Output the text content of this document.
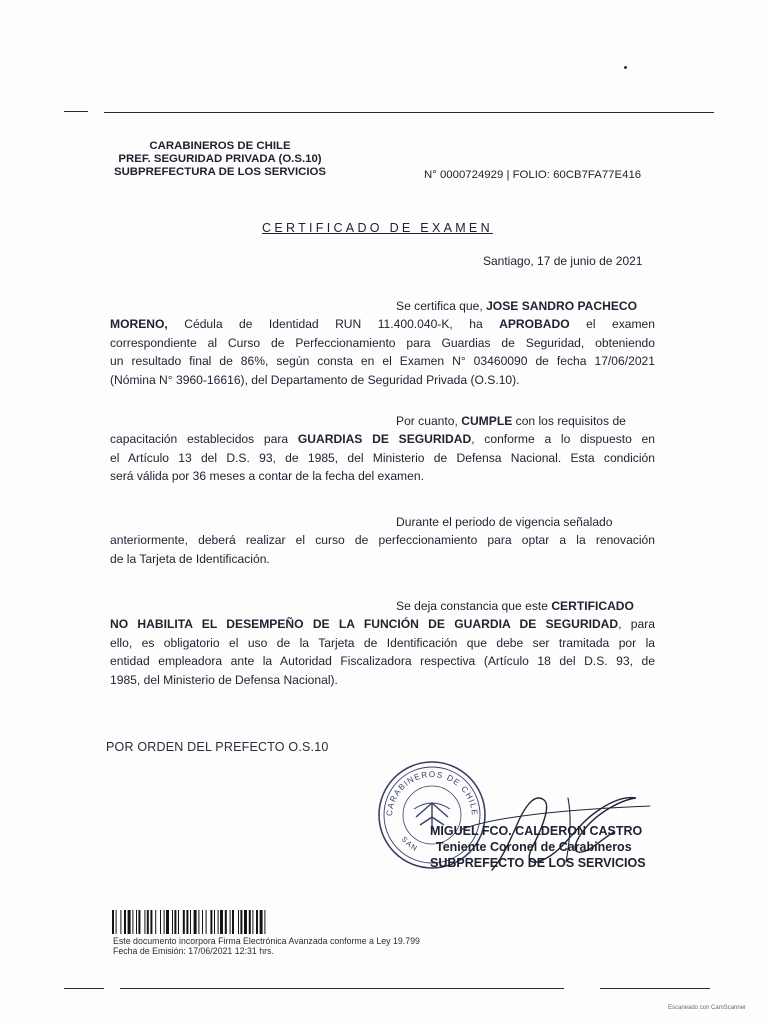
CARABINEROS DE CHILE
PREF. SEGURIDAD PRIVADA (O.S.10)
SUBPREFECTURA DE LOS SERVICIOS	N° 0000724929 | FOLIO: 60CB7FA77E416
CERTIFICADO DE EXAMEN
Santiago, 17 de junio de 2021
Se certifica que, JOSE SANDRO PACHECO
MORENO, Cédula de Identidad RUN 11.400.040-K, ha APROBADO el examen
correspondiente al Curso de Perfeccionamiento para Guardias de Seguridad, obteniendo
un resultado final de 86%, según consta en el Examen N° 03460090 de fecha 17/06/2021
(Nómina N° 3960-16616), del Departamento de Seguridad Privada (O.S.10).
Por cuanto, CUMPLE con los requisitos de
capacitación establecidos para GUARDIAS DE SEGURIDAD, conforme a lo dispuesto en
el Artículo 13 del D.S. 93, de 1985, del Ministerio de Defensa Nacional. Esta condición
será válida por 36 meses a contar de la fecha del examen.
Durante el periodo de vigencia señalado
anteriormente, deberá realizar el curso de perfeccionamiento para optar a la renovación
de la Tarjeta de Identificación.
Se deja constancia que este CERTIFICADO
NO HABILITA EL DESEMPEÑO DE LA FUNCIÓN DE GUARDIA DE SEGURIDAD, para
ello, es obligatorio el uso de la Tarjeta de Identificación que debe ser tramitada por la
entidad empleadora ante la Autoridad Fiscalizadora respectiva (Artículo 18 del D.S. 93, de
1985, del Ministerio de Defensa Nacional).
POR ORDEN DEL PREFECTO O.S.10
CARABINEROS DE CHILE
SAN
MIGUEL FCO. CALDERON CASTRO
Teniente Coronel de Carabineros
SUBPREFECTO DE LOS SERVICIOS
Este documento incorpora Firma Electrónica Avanzada conforme a Ley 19.799
Fecha de Emisión: 17/06/2021 12:31 hrs.
Escaneado con CamScanner
